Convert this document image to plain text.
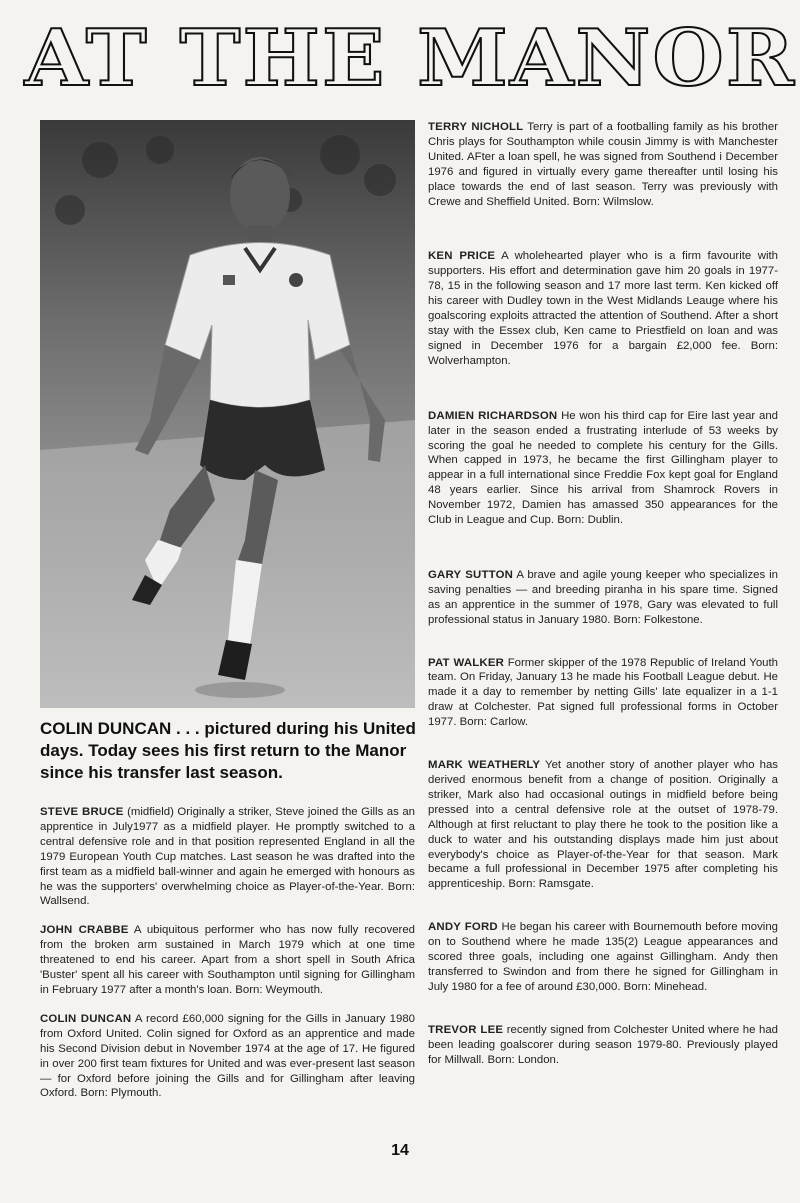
AT THE MANOR
COLIN DUNCAN . . . pictured during his United days. Today sees his first return to the Manor since his transfer last season.

STEVE BRUCE (midfield) Originally a striker, Steve joined the Gills as an apprentice in July1977 as a midfield player. He promptly switched to a central defensive role and in that position represented England in all the 1979 European Youth Cup matches. Last season he was drafted into the first team as a midfield ball-winner and again he emerged with honours as he was the supporters' overwhelming choice as Player-of-the-Year. Born: Wallsend.

JOHN CRABBE A ubiquitous performer who has now fully recovered from the broken arm sustained in March 1979 which at one time threatened to end his career. Apart from a short spell in South Africa 'Buster' spent all his career with Southampton until signing for Gillingham in February 1977 after a month's loan. Born: Weymouth.

COLIN DUNCAN A record £60,000 signing for the Gills in January 1980 from Oxford United. Colin signed for Oxford as an apprentice and made his Second Division debut in November 1974 at the age of 17. He figured in over 200 first team fixtures for United and was ever-present last season — for Oxford before joining the Gills and for Gillingham after leaving Oxford. Born: Plymouth.

TERRY NICHOLL Terry is part of a footballing family as his brother Chris plays for Southampton while cousin Jimmy is with Manchester United. AFter a loan spell, he was signed from Southend i December 1976 and figured in virtually every game thereafter until losing his place towards the end of last season. Terry was previously with Crewe and Sheffield United. Born: Wilmslow.

KEN PRICE A wholehearted player who is a firm favourite with supporters. His effort and determination gave him 20 goals in 1977-78, 15 in the following season and 17 more last term. Ken kicked off his career with Dudley town in the West Midlands Leauge where his goalscoring exploits attracted the attention of Southend. After a short stay with the Essex club, Ken came to Priestfield on loan and was signed in December 1976 for a bargain £2,000 fee. Born: Wolverhampton.

DAMIEN RICHARDSON He won his third cap for Eire last year and later in the season ended a frustrating interlude of 53 weeks by scoring the goal he needed to complete his century for the Gills. When capped in 1973, he became the first Gillingham player to appear in a full international since Freddie Fox kept goal for England 48 years earlier. Since his arrival from Shamrock Rovers in November 1972, Damien has amassed 350 appearances for the Club in League and Cup. Born: Dublin.

GARY SUTTON A brave and agile young keeper who specializes in saving penalties — and breeding piranha in his spare time. Signed as an apprentice in the summer of 1978, Gary was elevated to full professional status in January 1980. Born: Folkestone.

PAT WALKER Former skipper of the 1978 Republic of Ireland Youth team. On Friday, January 13 he made his Football League debut. He made it a day to remember by netting Gills' late equalizer in a 1-1 draw at Colchester. Pat signed full professional forms in October 1977. Born: Carlow.

MARK WEATHERLY Yet another story of another player who has derived enormous benefit from a change of position. Originally a striker, Mark also had occasional outings in midfield before being pressed into a central defensive role at the outset of 1978-79. Although at first reluctant to play there he took to the position like a duck to water and his outstanding displays made him just about everybody's choice as Player-of-the-Year for that season. Mark became a full professional in December 1975 after completing his apprenticeship. Born: Ramsgate.

ANDY FORD He began his career with Bournemouth before moving on to Southend where he made 135(2) League appearances and scored three goals, including one against Gillingham. Andy then transferred to Swindon and from there he signed for Gillingham in July 1980 for a fee of around £30,000. Born: Minehead.

TREVOR LEE recently signed from Colchester United where he had been leading goalscorer during season 1979-80. Previously played for Millwall. Born: London.

14
